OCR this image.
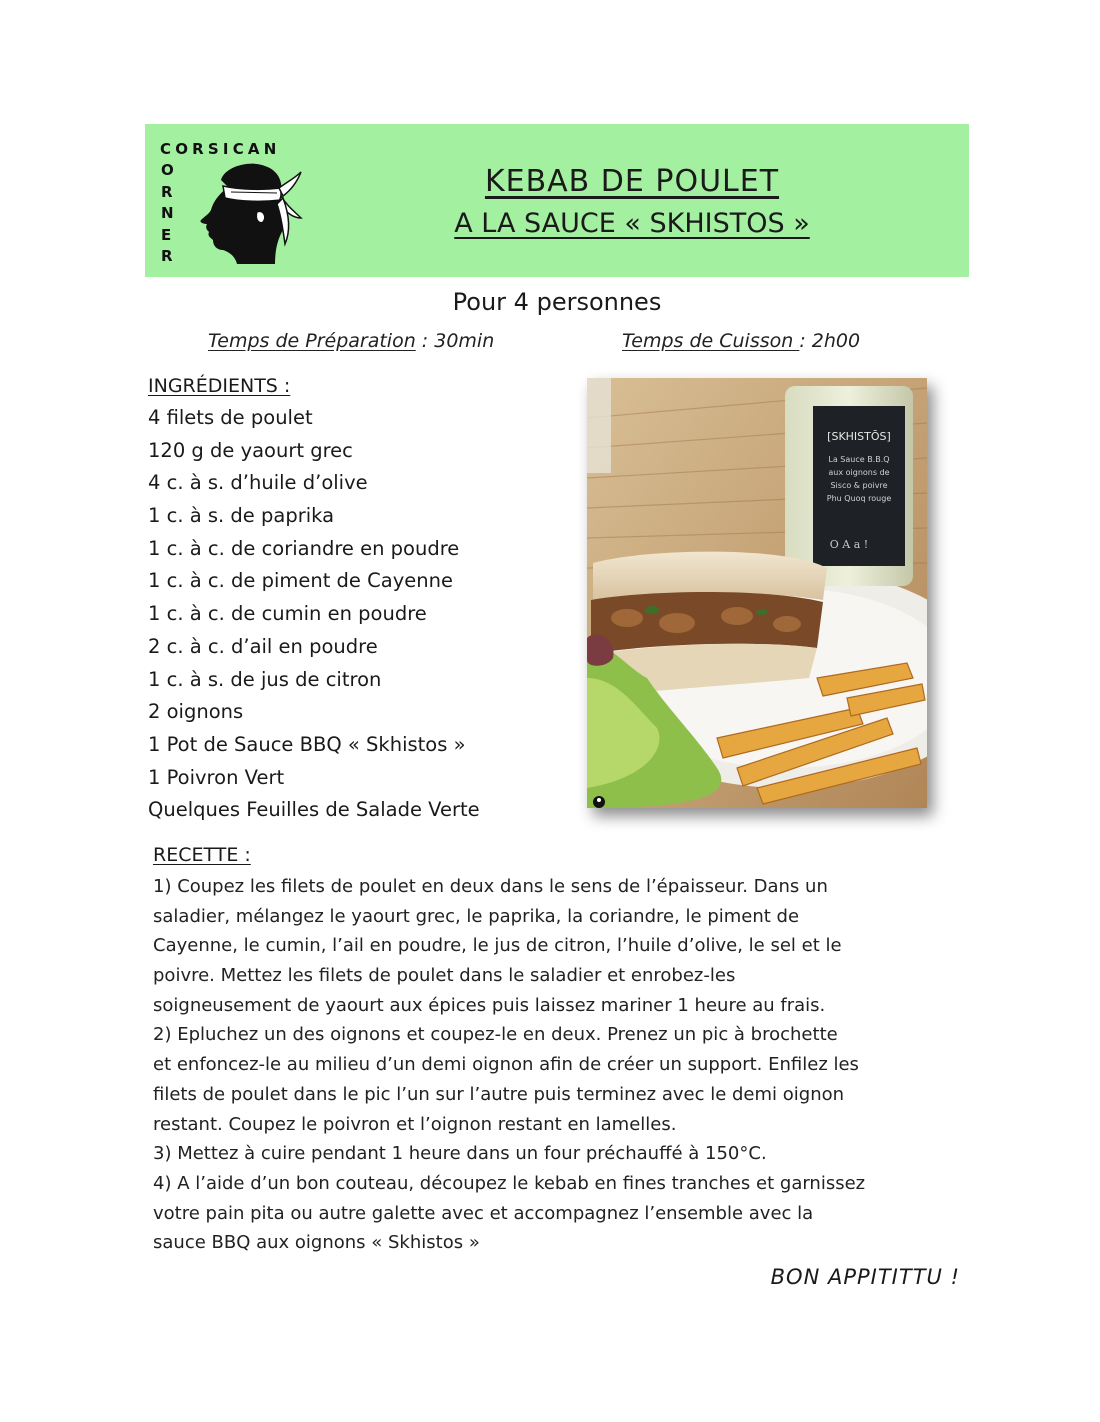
CORSICAN
O
R
N
E
R
KEBAB DE POULET
A LA SAUCE « SKHISTOS »
Pour 4 personnes
Temps de Préparation : 30min	Temps de Cuisson : 2h00
INGRÉDIENTS :
4 filets de poulet
120 g de yaourt grec
4 c. à s. d’huile d’olive
1 c. à s. de paprika
1 c. à c. de coriandre en poudre
1 c. à c. de piment de Cayenne
1 c. à c. de cumin en poudre
2 c. à c. d’ail en poudre
1 c. à s. de jus de citron
2 oignons
1 Pot de Sauce BBQ « Skhistos »
1 Poivron Vert
Quelques Feuilles de Salade Verte
[SKHISTŌS]
La Sauce B.B.Q
aux oignons de
Sisco & poivre
Phu Quoq rouge
O A a !
RECETTE :
1) Coupez les filets de poulet en deux dans le sens de l’épaisseur. Dans un
saladier, mélangez le yaourt grec, le paprika, la coriandre, le piment de
Cayenne, le cumin, l’ail en poudre, le jus de citron, l’huile d’olive, le sel et le
poivre. Mettez les filets de poulet dans le saladier et enrobez-les
soigneusement de yaourt aux épices puis laissez mariner 1 heure au frais.
2) Epluchez un des oignons et coupez-le en deux. Prenez un pic à brochette
et enfoncez-le au milieu d’un demi oignon afin de créer un support. Enfilez les
filets de poulet dans le pic l’un sur l’autre puis terminez avec le demi oignon
restant. Coupez le poivron et l’oignon restant en lamelles.
3) Mettez à cuire pendant 1 heure dans un four préchauffé à 150°C.
4) A l’aide d’un bon couteau, découpez le kebab en fines tranches et garnissez
votre pain pita ou autre galette avec et accompagnez l’ensemble avec la
sauce BBQ aux oignons « Skhistos »
BON APPITITTU !
